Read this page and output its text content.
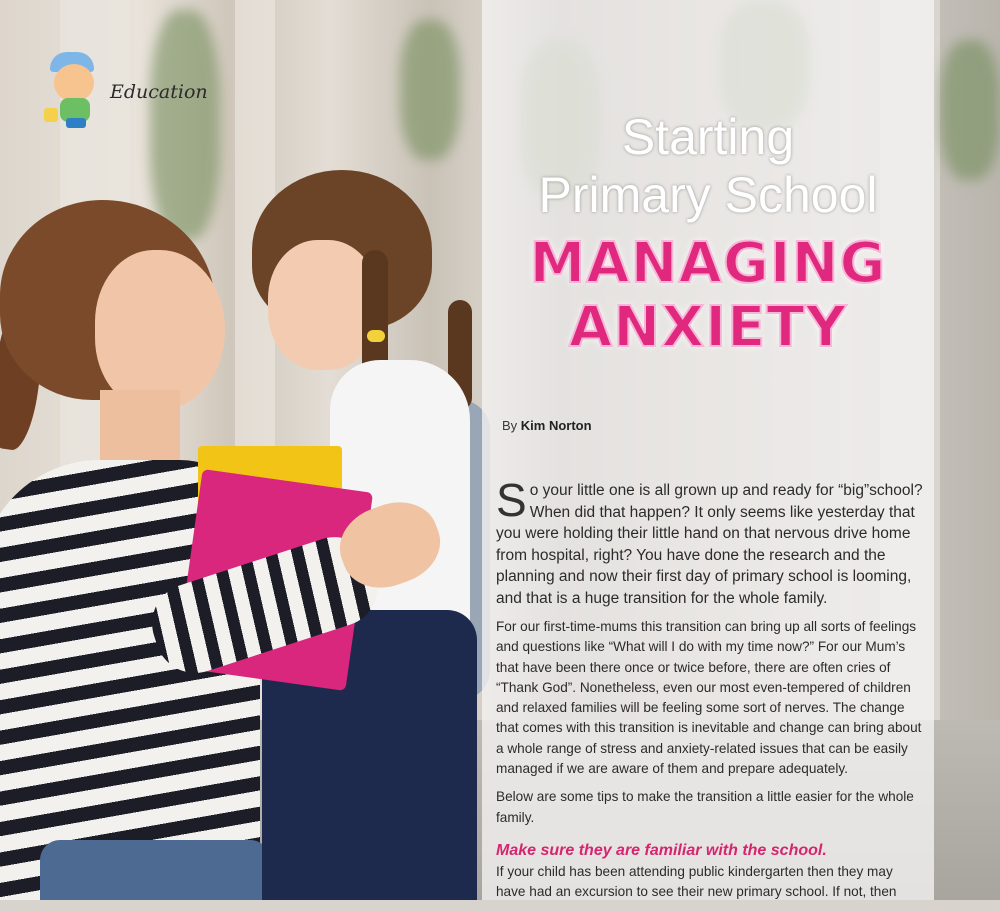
Education
Starting
Primary School
MANAGING
ANXIETY
By Kim Norton

So your little one is all grown up and ready for “big”school? When did that happen? It only seems like yesterday that you were holding their little hand on that nervous drive home from hospital, right? You have done the research and the planning and now their first day of primary school is looming, and that is a huge transition for the whole family.

For our first-time-mums this transition can bring up all sorts of feelings and questions like “What will I do with my time now?” For our Mum’s that have been there once or twice before, there are often cries of “Thank God”. Nonetheless, even our most even-tempered of children and relaxed families will be feeling some sort of nerves. The change that comes with this transition is inevitable and change can bring about a whole range of stress and anxiety-related issues that can be easily managed if we are aware of them and prepare adequately.

Below are some tips to make the transition a little easier for the whole family.

Make sure they are familiar with the school.

If your child has been attending public kindergarten then they may have had an excursion to see their new primary school. If not, then
